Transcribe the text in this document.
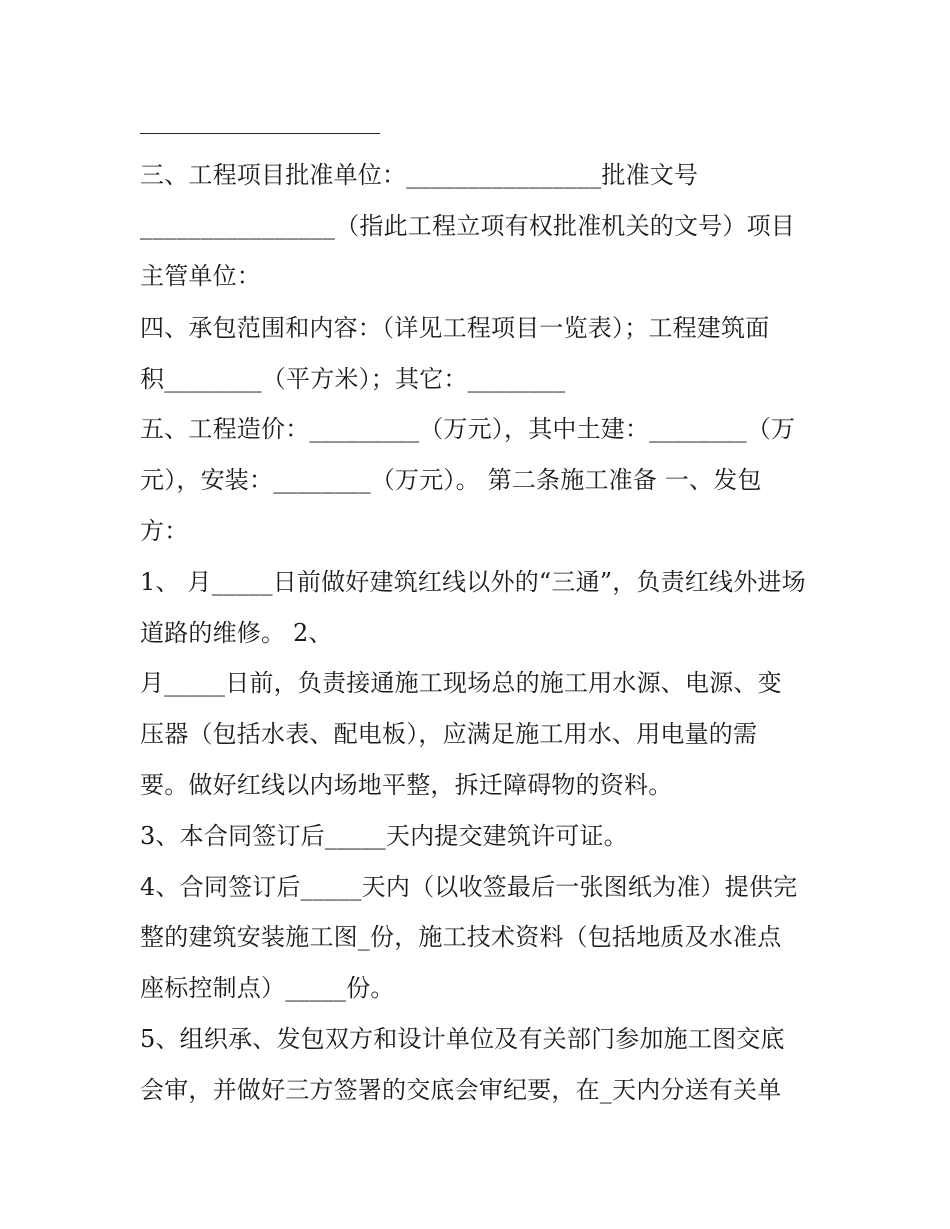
三、工程项目批准单位：________________批准文号

________________（指此工程立项有权批准机关的文号）项目

主管单位：

四、承包范围和内容：（详见工程项目一览表）；工程建筑面

积________（平方米）；其它：________

五、工程造价：_________（万元），其中土建：________（万

元），安装：________（万元）。 第二条施工准备 一、发包

方：

1、 月_____日前做好建筑红线以外的“三通”，负责红线外进场

道路的维修。 2、

月_____日前，负责接通施工现场总的施工用水源、电源、变

压器（包括水表、配电板），应满足施工用水、用电量的需

要。做好红线以内场地平整，拆迁障碍物的资料。

3、本合同签订后_____天内提交建筑许可证。

4、合同签订后_____天内（以收签最后一张图纸为准）提供完

整的建筑安装施工图_份，施工技术资料（包括地质及水准点

座标控制点）_____份。

5、组织承、发包双方和设计单位及有关部门参加施工图交底

会审，并做好三方签署的交底会审纪要，在_天内分送有关单
